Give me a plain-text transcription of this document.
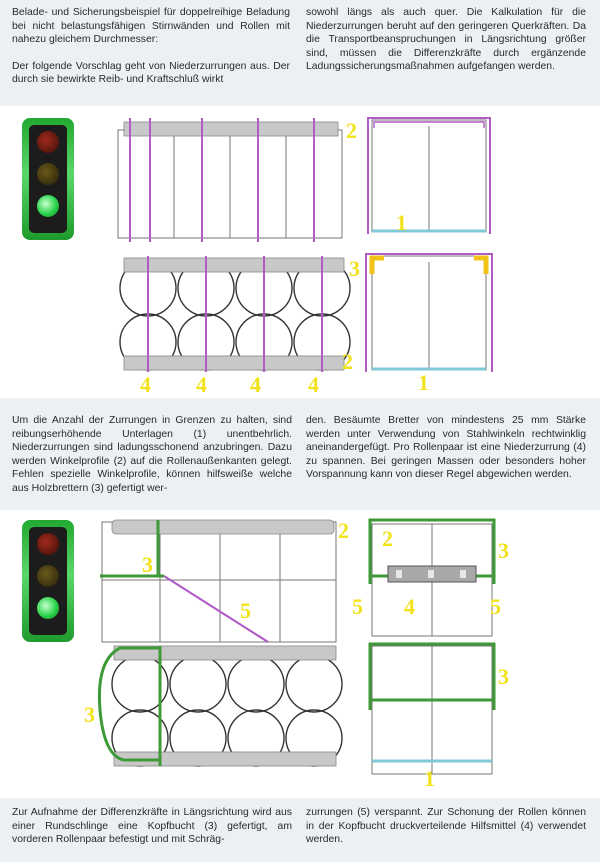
Belade- und Sicherungsbeispiel für doppelreihige Beladung bei nicht belastungsfähigen Stirnwänden und Rollen mit nahezu gleichem Durchmesser:

Der folgende Vorschlag geht von Niederzurrungen aus. Der durch sie bewirkte Reib- und Kraftschluß wirkt

sowohl längs als auch quer. Die Kalkulation für die Niederzurrungen beruht auf den geringeren Querkräften. Da die Transportbeanspruchungen in Längsrichtung größer sind, müssen die Differenzkräfte durch ergänzende Ladungssicherungsmaßnahmen aufgefangen werden.

2
1
3
2
4 4 4 4	1

Um die Anzahl der Zurrungen in Grenzen zu halten, sind reibungserhöhende Unterlagen (1) unentbehrlich. Niederzurrungen sind ladungsschonend anzubringen. Dazu werden Winkelprofile (2) auf die Rollenaußenkanten gelegt. Fehlen spezielle Winkelprofile, können hilfsweiße welche aus Holzbrettern (3) gefertigt wer-

den. Besäumte Bretter von mindestens 25 mm Stärke werden unter Verwendung von Stahlwinkeln rechtwinklig aneinandergefügt. Pro Rollenpaar ist eine Niederzurrung (4) zu spannen. Bei geringen Massen oder besonders hoher Vorspannung kann von dieser Regel abgewichen werden.

2 2
3
3
5	5 4	5
3
3
1

Zur Aufnahme der Differenzkräfte in Längsrichtung wird aus einer Rundschlinge eine Kopfbucht (3) gefertigt, am vorderen Rollenpaar befestigt und mit Schräg-

zurrungen (5) verspannt. Zur Schonung der Rollen können in der Kopfbucht druckverteilende Hilfsmittel (4) verwendet werden.
